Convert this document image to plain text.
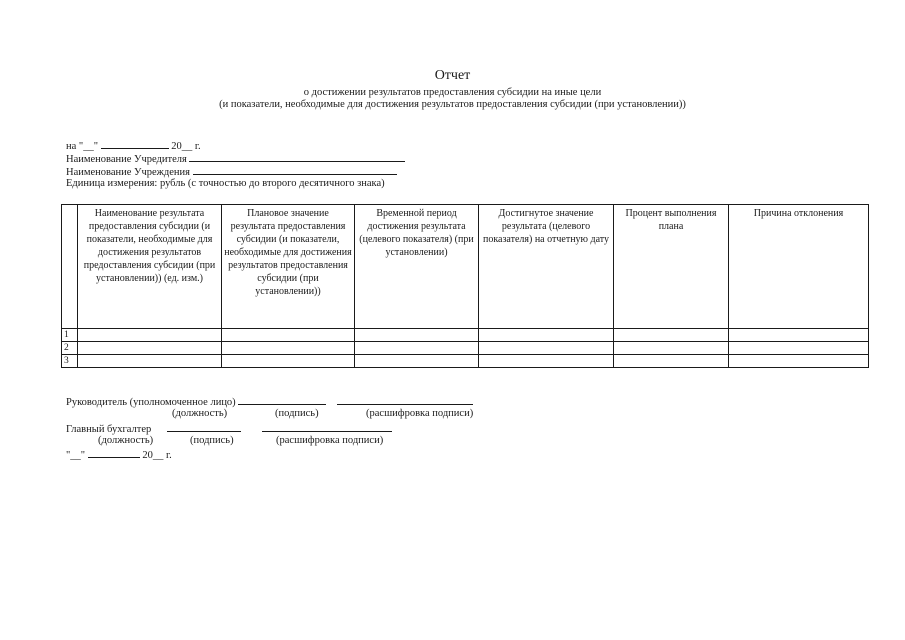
Отчет
о достижении результатов предоставления субсидии на иные цели
(и показатели, необходимые для достижения результатов предоставления субсидии (при установлении))
на "__"	20__ г.
Наименование Учредителя
Наименование Учреждения
Единица измерения: рубль (с точностью до второго десятичного знака)
	Наименование результата предоставления субсидии (и показатели, необходимые для достижения результатов предоставления субсидии (при установлении)) (ед. изм.)	Плановое значение результата предоставления субсидии (и показатели, необходимые для достижения результатов предоставления субсидии (при установлении))	Временной период достижения результата (целевого показателя) (при установлении)	Достигнутое значение результата (целевого показателя) на отчетную дату	Процент выполнения плана	Причина отклонения
1						
2						
3						
Руководитель (уполномоченное лицо)
(должность)	(подпись)	(расшифровка подписи)
Главный бухгалтер
(должность)	(подпись)	(расшифровка подписи)
"__"	20__ г.
